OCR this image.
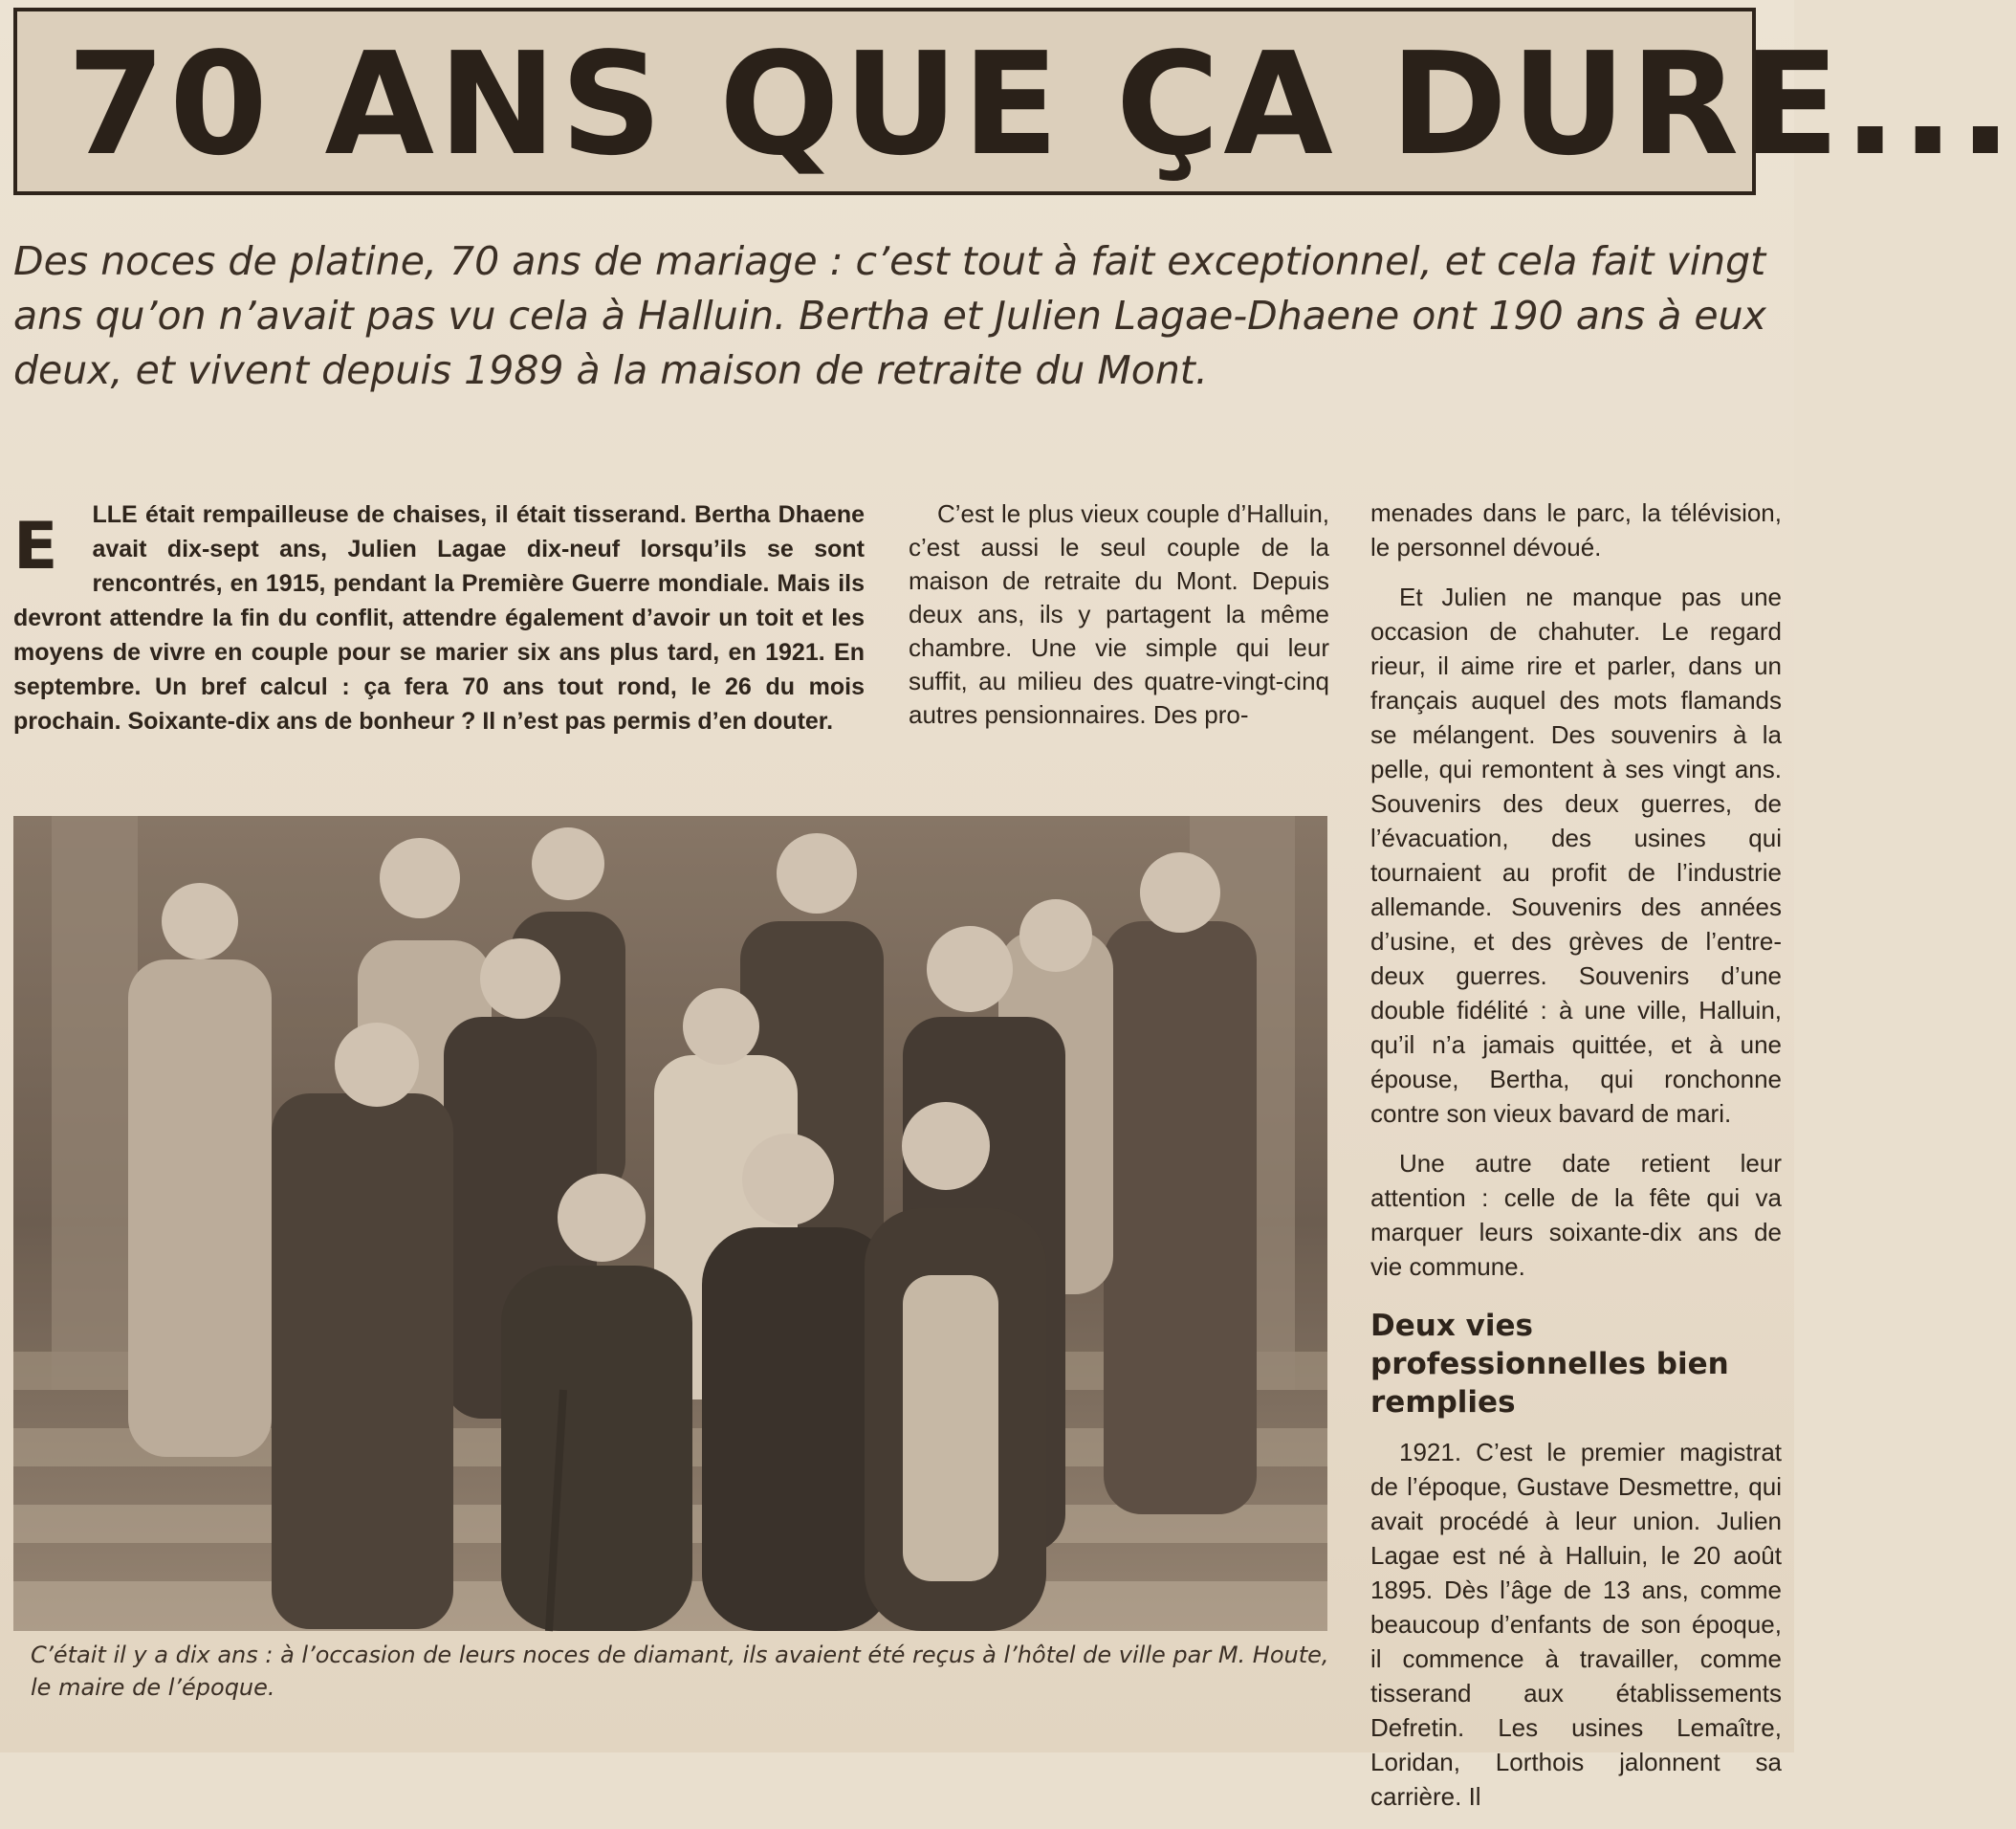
70 ANS QUE ÇA DURE...
Des noces de platine, 70 ans de mariage : c’est tout à fait exceptionnel, et cela fait vingt ans qu’on n’avait pas vu cela à Halluin. Bertha et Julien Lagae-Dhaene ont 190 ans à eux deux, et vivent depuis 1989 à la maison de retraite du Mont.
E LLE était rempailleuse de chaises, il était tisserand. Bertha Dhaene avait dix-sept ans, Julien Lagae dix-neuf lorsqu’ils se sont rencontrés, en 1915, pendant la Première Guerre mondiale. Mais ils devront attendre la fin du conflit, attendre également d’avoir un toit et les moyens de vivre en couple pour se marier six ans plus tard, en 1921. En septembre. Un bref calcul : ça fera 70 ans tout rond, le 26 du mois prochain. Soixante-dix ans de bonheur ? Il n’est pas permis d’en douter.

C’est le plus vieux couple d’Halluin, c’est aussi le seul couple de la maison de retraite du Mont. Depuis deux ans, ils y partagent la même chambre. Une vie simple qui leur suffit, au milieu des quatre-vingt-cinq autres pensionnaires. Des pro-

menades dans le parc, la télévision, le personnel dévoué.

Et Julien ne manque pas une occasion de chahuter. Le regard rieur, il aime rire et parler, dans un français auquel des mots flamands se mélangent. Des souvenirs à la pelle, qui remontent à ses vingt ans. Souvenirs des deux guerres, de l’évacuation, des usines qui tournaient au profit de l’industrie allemande. Souvenirs des années d’usine, et des grèves de l’entre-deux guerres. Souvenirs d’une double fidélité : à une ville, Halluin, qu’il n’a jamais quittée, et à une épouse, Bertha, qui ronchonne contre son vieux bavard de mari.

Une autre date retient leur attention : celle de la fête qui va marquer leurs soixante-dix ans de vie commune.

Deux vies professionnelles bien remplies

1921. C’est le premier magistrat de l’époque, Gustave Desmettre, qui avait procédé à leur union. Julien Lagae est né à Halluin, le 20 août 1895. Dès l’âge de 13 ans, comme beaucoup d’enfants de son époque, il commence à travailler, comme tisserand aux établissements Defretin. Les usines Lemaître, Loridan, Lorthois jalonnent sa carrière. Il

C’était il y a dix ans : à l’occasion de leurs noces de diamant, ils avaient été reçus à l’hôtel de ville par M. Houte, le maire de l’époque.
